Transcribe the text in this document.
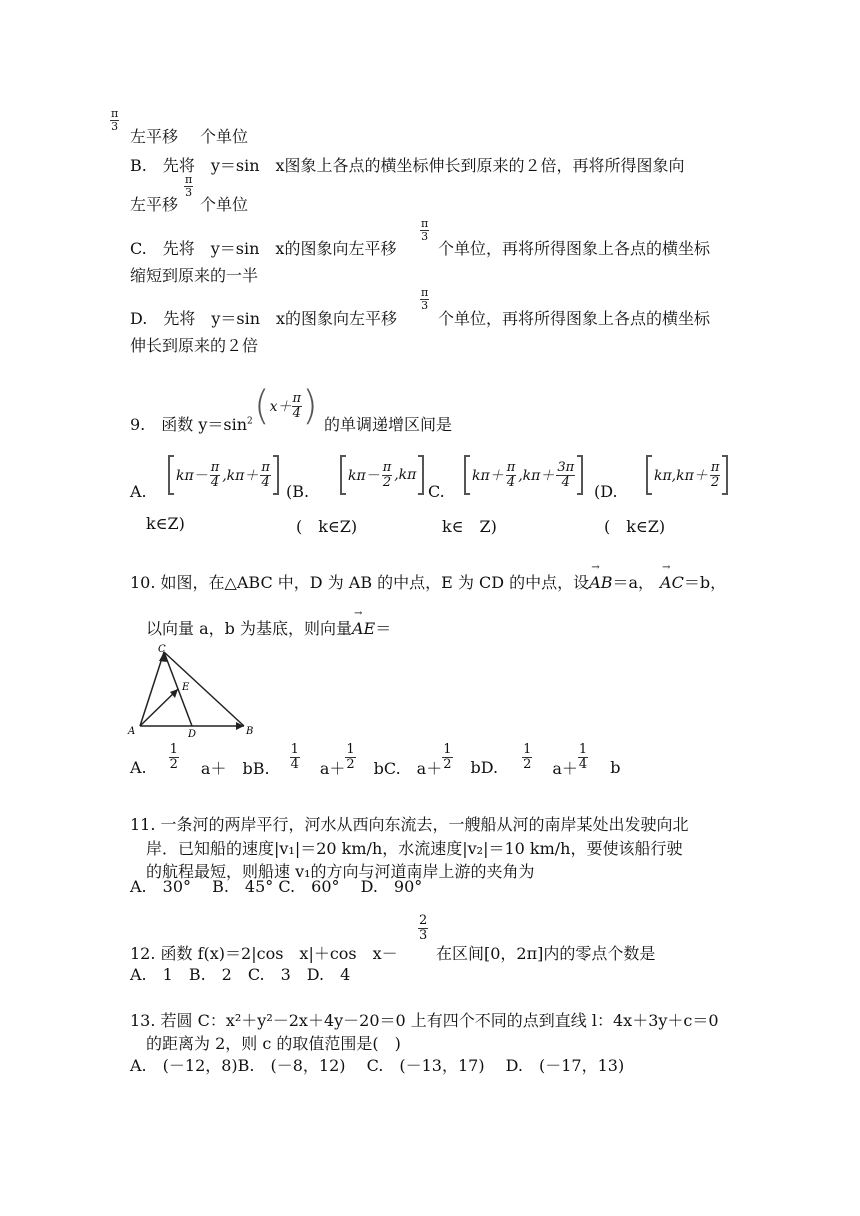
$\frac{\pi}{3}$
左平移 个单位
B.　先将　y＝sin　x图象上各点的横坐标伸长到原来的２倍，再将所得图象向
$\frac{\pi}{3}$
左平移 个单位
C.　先将　y＝sin　x的图象向左平移
$\frac{\pi}{3}$
个单位，再将所得图象上各点的横坐标
缩短到原来的一半
D.　先将　y＝sin　x的图象向左平移
$\frac{\pi}{3}$
个单位，再将所得图象上各点的横坐标
伸长到原来的２倍
9.　函数 $y=\sin^2$ ( $x+ \frac{\pi}{4}$ ) 的单调递增区间是
A.
$k\pi- \frac{\pi}{4} ,k\pi+ \frac{\pi}{4}$
(B.
$k\pi- \frac{\pi}{2} ,k\pi$
C.
$k\pi+ \frac{\pi}{4} ,k\pi+ \frac{3\pi}{4}$
(D.
$k\pi,k\pi+ \frac{\pi}{2}$
k∈Z)	(　k∈Z)	k∈　Z)	(　k∈Z)
10. 如图，在△ABC 中，D 为 AB 的中点，E 为 CD 的中点，设→ AB＝a，→ AC＝b，
以向量 a，b 为基底，则向量→ AE＝
A	B
C
D
E
A. $\frac{1}{2} a+$　bB. $\frac{1}{4} a+ \frac{1}{2}$ bC.　$a+ \frac{1}{2}$ bD. $\frac{1}{2} a+ \frac{1}{4}$ b
11. 一条河的两岸平行，河水从西向东流去，一艘船从河的南岸某处出发驶向北
岸．已知船的速度|v₁|＝20 km/h，水流速度|v₂|＝10 km/h，要使该船行驶
的航程最短，则船速 v₁的方向与河道南岸上游的夹角为
A.　30°　 B.　45° C.　60°　 D.　90°
12. 函数 f(x)＝2|cos　x|＋cos　x－
$\frac{2}{3}$
在区间[0，2π]内的零点个数是
A.　1　B.　2　C.　3　D.　4
13. 若圆 C：x²＋y²－2x＋4y－20＝0 上有四个不同的点到直线 l：4x＋3y＋c＝0
的距离为 2，则 c 的取值范围是(　)
A.　(－12，8)B.　(－8，12)　 C.　(－13，17)　 D.　(－17，13)
